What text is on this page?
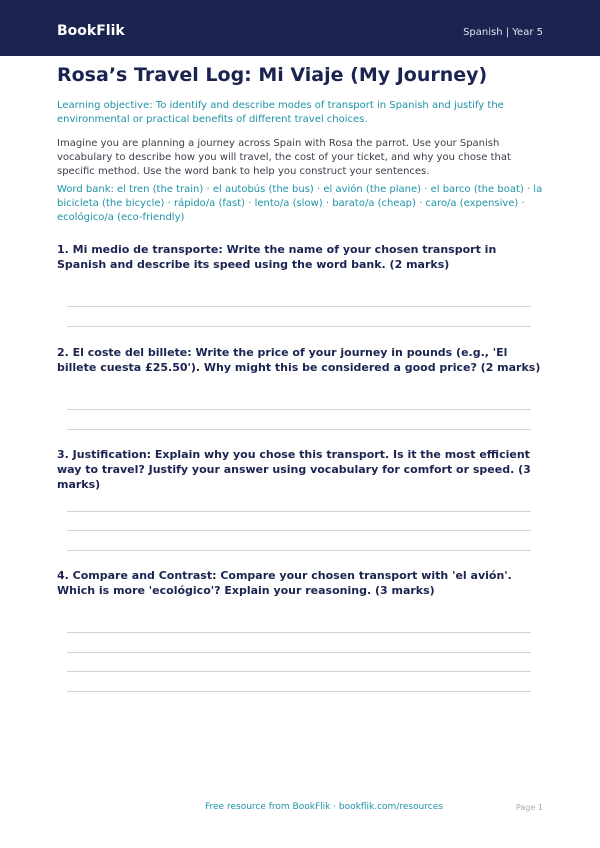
BookFlik	Spanish | Year 5
Rosa’s Travel Log: Mi Viaje (My Journey)

Learning objective: To identify and describe modes of transport in Spanish and justify the environmental or practical benefits of different travel choices.

Imagine you are planning a journey across Spain with Rosa the parrot. Use your Spanish vocabulary to describe how you will travel, the cost of your ticket, and why you chose that specific method. Use the word bank to help you construct your sentences.

Word bank: el tren (the train) · el autobús (the bus) · el avión (the plane) · el barco (the boat) · la bicicleta (the bicycle) · rápido/a (fast) · lento/a (slow) · barato/a (cheap) · caro/a (expensive) · ecológico/a (eco-friendly)

1. Mi medio de transporte: Write the name of your chosen transport in Spanish and describe its speed using the word bank. (2 marks)

2. El coste del billete: Write the price of your journey in pounds (e.g., 'El billete cuesta £25.50'). Why might this be considered a good price? (2 marks)

3. Justification: Explain why you chose this transport. Is it the most efficient way to travel? Justify your answer using vocabulary for comfort or speed. (3 marks)

4. Compare and Contrast: Compare your chosen transport with 'el avión'. Which is more 'ecológico'? Explain your reasoning. (3 marks)

Free resource from BookFlik · bookflik.com/resources	Page 1
